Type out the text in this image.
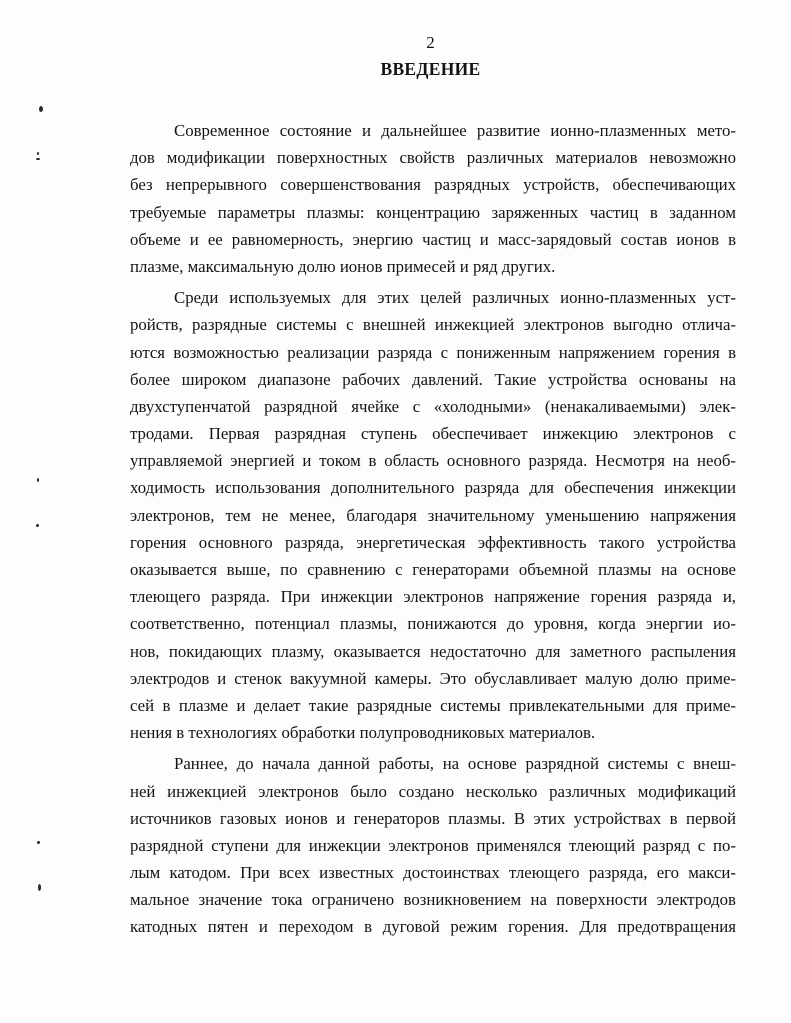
2
ВВЕДЕНИЕ

Современное состояние и дальнейшее развитие ионно-плазменных мето-
дов модификации поверхностных свойств различных материалов невозможно
без непрерывного совершенствования разрядных устройств, обеспечивающих
требуемые параметры плазмы: концентрацию заряженных частиц в заданном
объеме и ее равномерность, энергию частиц и масс-зарядовый состав ионов в
плазме, максимальную долю ионов примесей и ряд других.

Среди используемых для этих целей различных ионно-плазменных уст-
ройств, разрядные системы с внешней инжекцией электронов выгодно отлича-
ются возможностью реализации разряда с пониженным напряжением горения в
более широком диапазоне рабочих давлений. Такие устройства основаны на
двухступенчатой разрядной ячейке с «холодными» (ненакаливаемыми) элек-
тродами. Первая разрядная ступень обеспечивает инжекцию электронов с
управляемой энергией и током в область основного разряда. Несмотря на необ-
ходимость использования дополнительного разряда для обеспечения инжекции
электронов, тем не менее, благодаря значительному уменьшению напряжения
горения основного разряда, энергетическая эффективность такого устройства
оказывается выше, по сравнению с генераторами объемной плазмы на основе
тлеющего разряда. При инжекции электронов напряжение горения разряда и,
соответственно, потенциал плазмы, понижаются до уровня, когда энергии ио-
нов, покидающих плазму, оказывается недостаточно для заметного распыления
электродов и стенок вакуумной камеры. Это обуславливает малую долю приме-
сей в плазме и делает такие разрядные системы привлекательными для приме-
нения в технологиях обработки полупроводниковых материалов.

Раннее, до начала данной работы, на основе разрядной системы с внеш-
ней инжекцией электронов было создано несколько различных модификаций
источников газовых ионов и генераторов плазмы. В этих устройствах в первой
разрядной ступени для инжекции электронов применялся тлеющий разряд с по-
лым катодом. При всех известных достоинствах тлеющего разряда, его макси-
мальное значение тока ограничено возникновением на поверхности электродов
катодных пятен и переходом в дуговой режим горения. Для предотвращения
